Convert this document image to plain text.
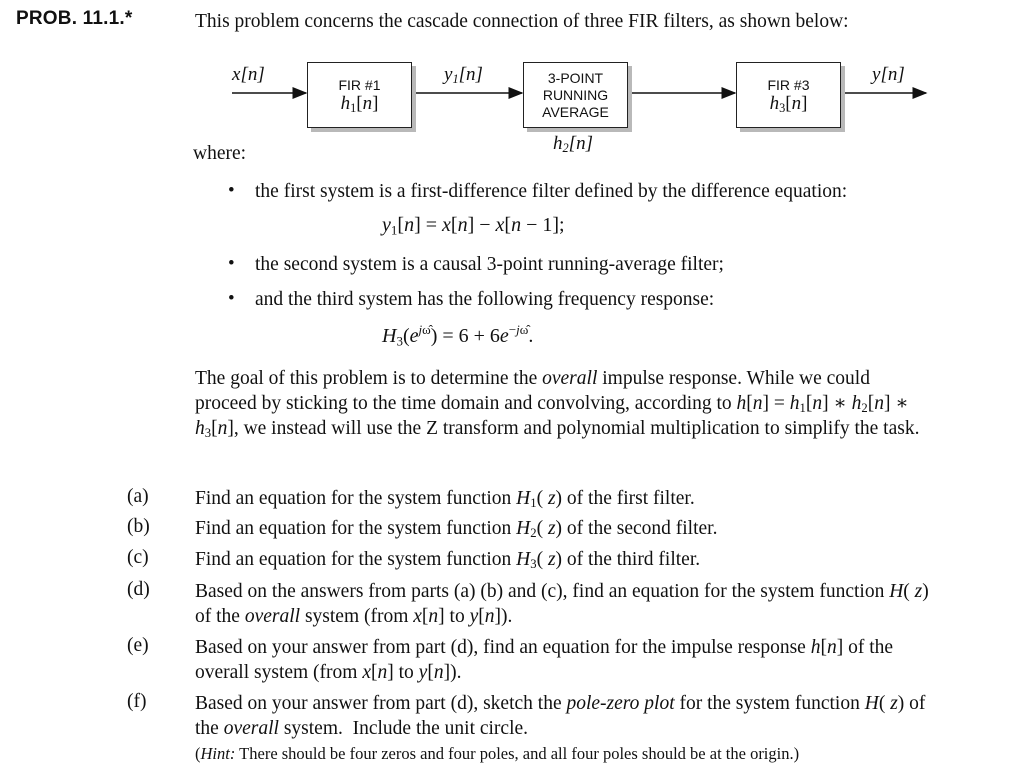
PROB. 11.1.*	This problem concerns the cascade connection of three FIR filters, as shown below:
x[n]	$y_1[n]$	y[n]
FIR #1
$h_1[n]$
3-POINT
RUNNING
AVERAGE
$h_2[n]$
FIR #3
$h_3[n]$
where:
• the first system is a first-difference filter defined by the difference equation:
$y_1[n] = x[n] - x[n - 1]$;
• the second system is a causal 3-point running-average filter;
• and the third system has the following frequency response:
$H_3(e^{j\omegâ}) = 6 + 6e^{-j\omegâ}$.
The goal of this problem is to determine the overall impulse response. While we could proceed by sticking to the time domain and convolving, according to $h[n] = h_1[n]$ ∗ $h_2[n]$ ∗ $h_3[n]$, we instead will use the Z transform and polynomial multiplication to simplify the task.
(a) Find an equation for the system function $H_1$( z) of the first filter.
(b) Find an equation for the system function $H_2$( z) of the second filter.
(c) Find an equation for the system function $H_3$( z) of the third filter.
(d) Based on the answers from parts (a) (b) and (c), find an equation for the system function H( z) of the overall system (from x[n] to y[n]).
(e) Based on your answer from part (d), find an equation for the impulse response h[n] of the overall system (from x[n] to y[n]).
(f) Based on your answer from part (d), sketch the pole-zero plot for the system function H( z) of the overall system.  Include the unit circle.
(Hint: There should be four zeros and four poles, and all four poles should be at the origin.)
